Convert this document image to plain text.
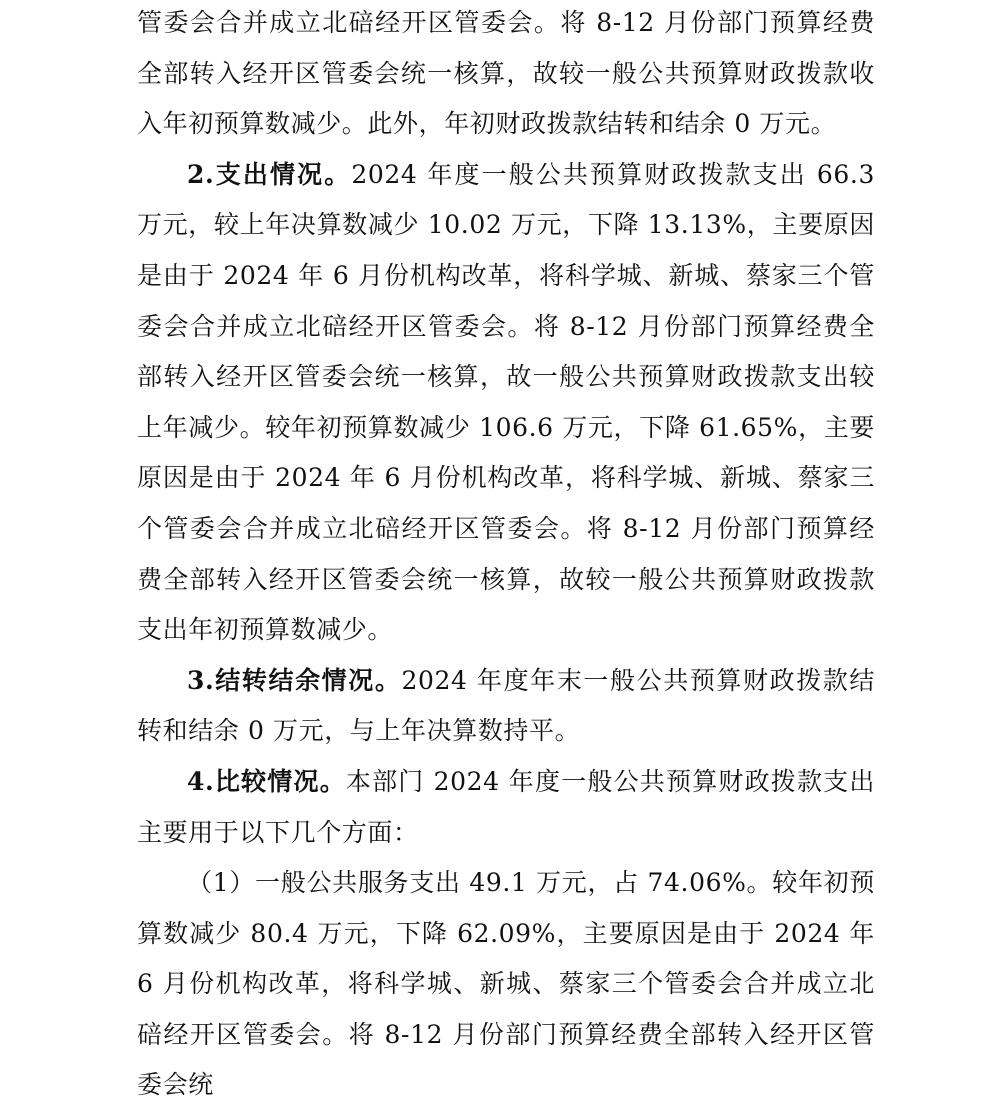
管委会合并成立北碚经开区管委会。将 8-12 月份部门预算经费全部转入经开区管委会统一核算，故较一般公共预算财政拨款收入年初预算数减少。此外，年初财政拨款结转和结余 0 万元。

2.支出情况。2024 年度一般公共预算财政拨款支出 66.3 万元，较上年决算数减少 10.02 万元，下降 13.13%，主要原因是由于 2024 年 6 月份机构改革，将科学城、新城、蔡家三个管委会合并成立北碚经开区管委会。将 8-12 月份部门预算经费全部转入经开区管委会统一核算，故一般公共预算财政拨款支出较上年减少。较年初预算数减少 106.6 万元，下降 61.65%，主要原因是由于 2024 年 6 月份机构改革，将科学城、新城、蔡家三个管委会合并成立北碚经开区管委会。将 8-12 月份部门预算经费全部转入经开区管委会统一核算，故较一般公共预算财政拨款支出年初预算数减少。

3.结转结余情况。2024 年度年末一般公共预算财政拨款结转和结余 0 万元，与上年决算数持平。

4.比较情况。本部门 2024 年度一般公共预算财政拨款支出主要用于以下几个方面：

（1）一般公共服务支出 49.1 万元，占 74.06%。较年初预算数减少 80.4 万元，下降 62.09%，主要原因是由于 2024 年 6 月份机构改革，将科学城、新城、蔡家三个管委会合并成立北碚经开区管委会。将 8-12 月份部门预算经费全部转入经开区管委会统
